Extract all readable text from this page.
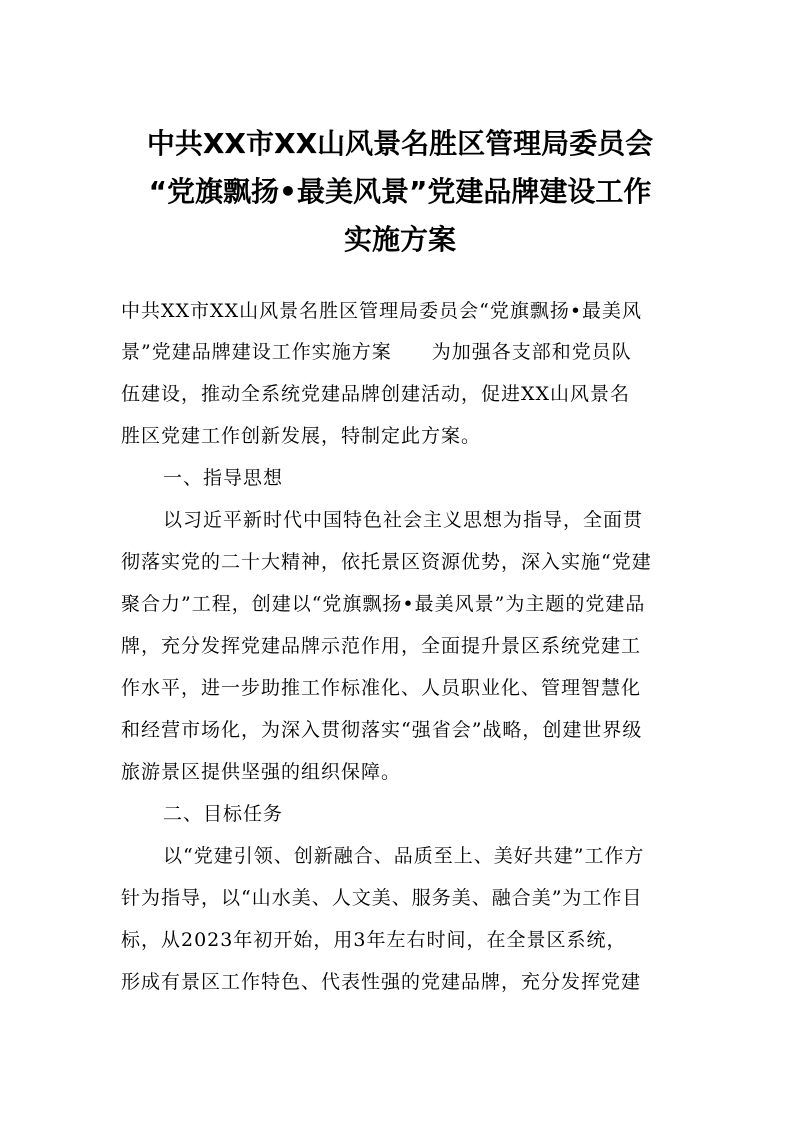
中共XX市XX山风景名胜区管理局委员会
“党旗飘扬•最美风景”党建品牌建设工作
实施方案
中共XX市XX山风景名胜区管理局委员会“党旗飘扬•最美风
景”党建品牌建设工作实施方案　　为加强各支部和党员队
伍建设，推动全系统党建品牌创建活动，促进XX山风景名
胜区党建工作创新发展，特制定此方案。
一、指导思想
以习近平新时代中国特色社会主义思想为指导，全面贯
彻落实党的二十大精神，依托景区资源优势，深入实施“党建
聚合力”工程，创建以“党旗飘扬•最美风景”为主题的党建品
牌，充分发挥党建品牌示范作用，全面提升景区系统党建工
作水平，进一步助推工作标准化、人员职业化、管理智慧化
和经营市场化，为深入贯彻落实“强省会”战略，创建世界级
旅游景区提供坚强的组织保障。
二、目标任务
以“党建引领、创新融合、品质至上、美好共建”工作方
针为指导，以“山水美、人文美、服务美、融合美”为工作目
标，从2023年初开始，用3年左右时间，在全景区系统，
形成有景区工作特色、代表性强的党建品牌，充分发挥党建
